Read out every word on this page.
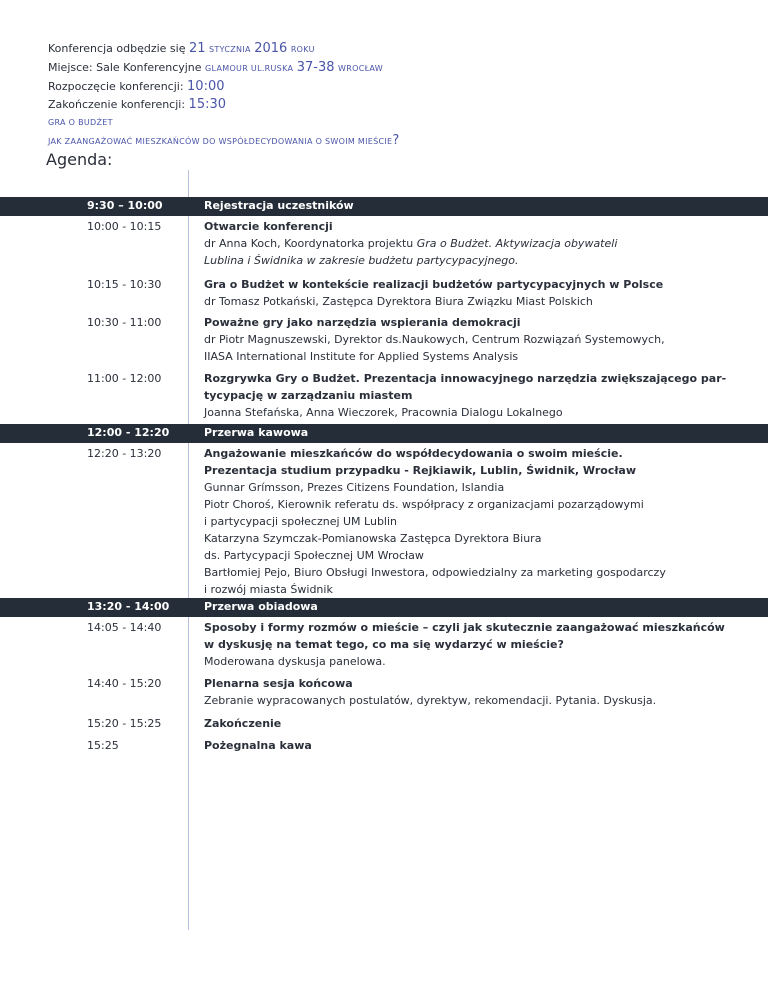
Konferencja odbędzie się 21 STYCZNIA 2016 ROKU
Miejsce: Sale Konferencyjne GLAMOUR UL.RUSKA 37-38 WROCŁAW
Rozpoczęcie konferencji: 10:00
Zakończenie konferencji: 15:30
GRA O BUDŻET
JAK ZAANGAŻOWAĆ MIESZKAŃCÓW DO WSPÓŁDECYDOWANIA O SWOIM MIEŚCIE?
Agenda:
9:30 – 10:00	Rejestracja uczestników
10:00 - 10:15	Otwarcie konferencji
dr Anna Koch, Koordynatorka projektu Gra o Budżet. Aktywizacja obywateli
Lublina i Świdnika w zakresie budżetu partycypacyjnego.
10:15 - 10:30	Gra o Budżet w kontekście realizacji budżetów partycypacyjnych w Polsce
dr Tomasz Potkański, Zastępca Dyrektora Biura Związku Miast Polskich
10:30 - 11:00	Poważne gry jako narzędzia wspierania demokracji
dr Piotr Magnuszewski, Dyrektor ds.Naukowych, Centrum Rozwiązań Systemowych,
IIASA International Institute for Applied Systems Analysis
11:00 - 12:00	Rozgrywka Gry o Budżet. Prezentacja innowacyjnego narzędzia zwiększającego par-
tycypację w zarządzaniu miastem
Joanna Stefańska, Anna Wieczorek, Pracownia Dialogu Lokalnego
12:00 - 12:20	Przerwa kawowa
12:20 - 13:20	Angażowanie mieszkańców do współdecydowania o swoim mieście.
Prezentacja studium przypadku - Rejkiawik, Lublin, Świdnik, Wrocław
Gunnar Grímsson, Prezes Citizens Foundation, Islandia
Piotr Choroś, Kierownik referatu ds. współpracy z organizacjami pozarządowymi
i partycypacji społecznej UM Lublin
Katarzyna Szymczak-Pomianowska Zastępca Dyrektora Biura
ds. Partycypacji Społecznej UM Wrocław
Bartłomiej Pejo, Biuro Obsługi Inwestora, odpowiedzialny za marketing gospodarczy
i rozwój miasta Świdnik
13:20 - 14:00	Przerwa obiadowa
14:05 - 14:40	Sposoby i formy rozmów o mieście – czyli jak skutecznie zaangażować mieszkańców
w dyskusję na temat tego, co ma się wydarzyć w mieście?
Moderowana dyskusja panelowa.
14:40 - 15:20	Plenarna sesja końcowa
Zebranie wypracowanych postulatów, dyrektyw, rekomendacji. Pytania. Dyskusja.
15:20 - 15:25	Zakończenie
15:25	Pożegnalna kawa
